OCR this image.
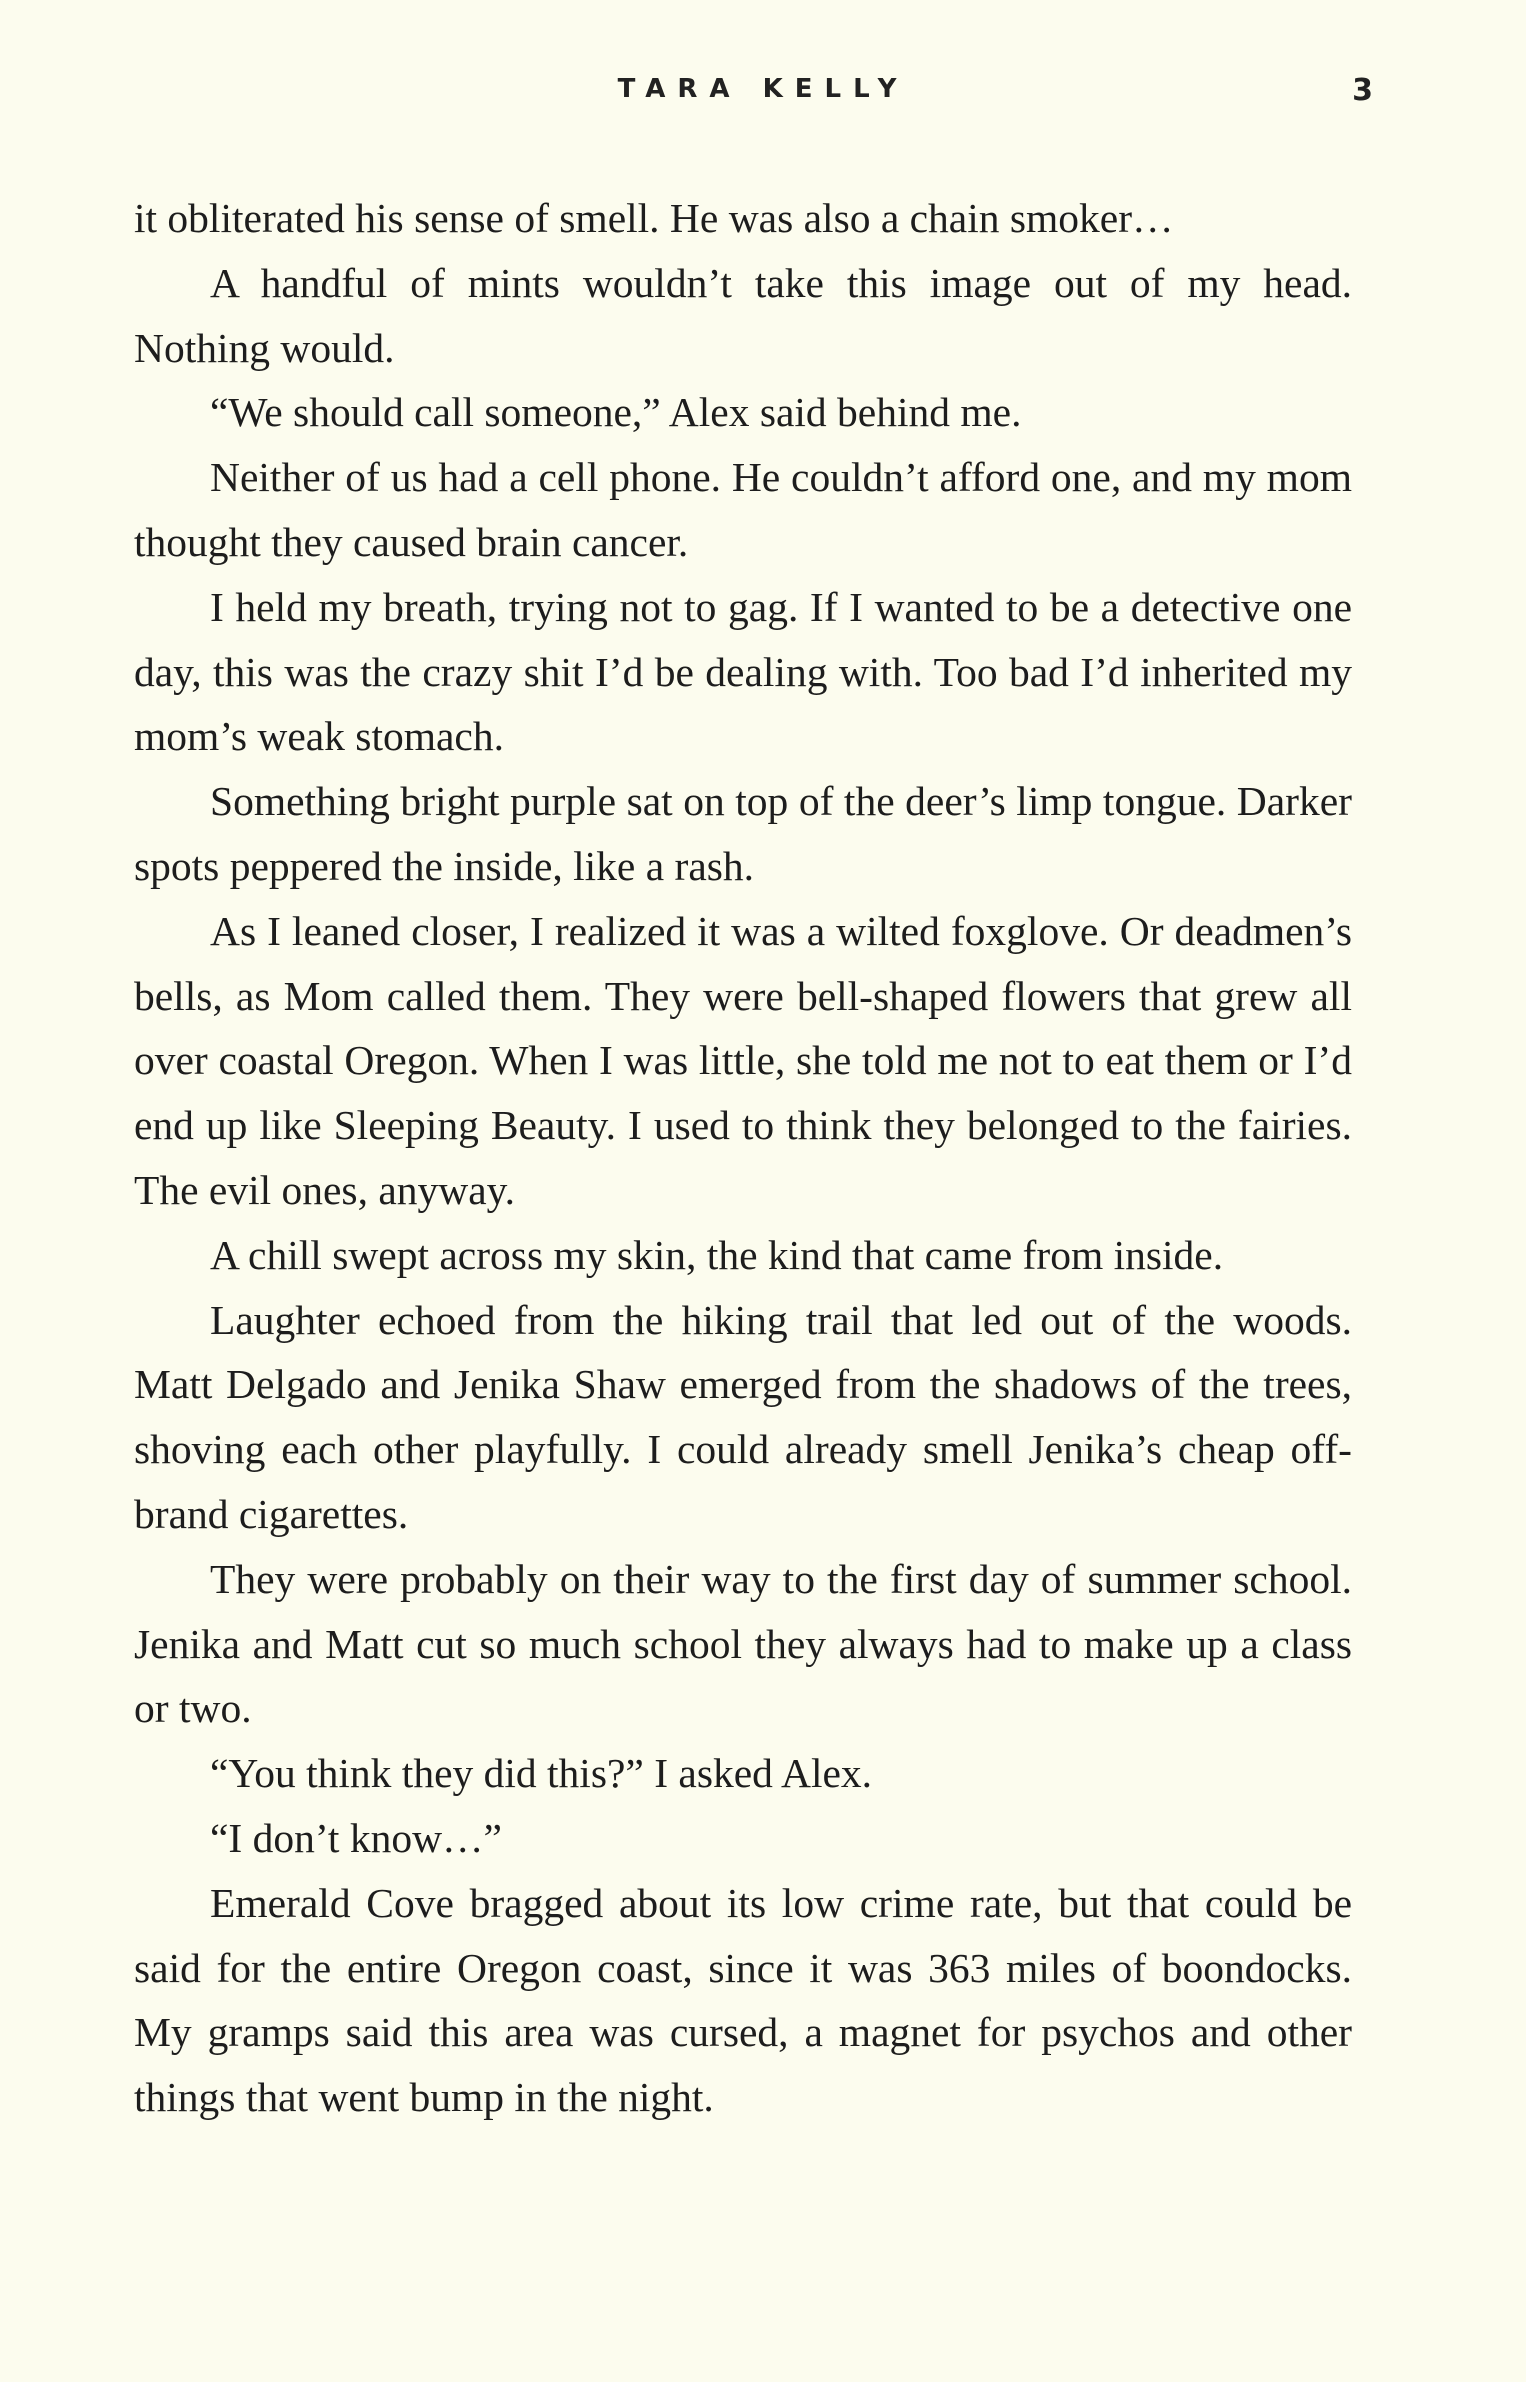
TARA KELLY	3

it obliterated his sense of smell. He was also a chain smoker…

A handful of mints wouldn’t take this image out of my head. Nothing would.

“We should call someone,” Alex said behind me.

Neither of us had a cell phone. He couldn’t afford one, and my mom thought they caused brain cancer.

I held my breath, trying not to gag. If I wanted to be a detective one day, this was the crazy shit I’d be dealing with. Too bad I’d inherited my mom’s weak stomach.

Something bright purple sat on top of the deer’s limp tongue. Darker spots peppered the inside, like a rash.

As I leaned closer, I realized it was a wilted foxglove. Or deadmen’s bells, as Mom called them. They were bell-shaped flowers that grew all over coastal Oregon. When I was little, she told me not to eat them or I’d end up like Sleeping Beauty. I used to think they belonged to the fairies. The evil ones, anyway.

A chill swept across my skin, the kind that came from inside.

Laughter echoed from the hiking trail that led out of the woods. Matt Delgado and Jenika Shaw emerged from the shadows of the trees, shoving each other playfully. I could already smell Jenika’s cheap off-brand cigarettes.

They were probably on their way to the first day of summer school. Jenika and Matt cut so much school they always had to make up a class or two.

“You think they did this?” I asked Alex.

“I don’t know…”

Emerald Cove bragged about its low crime rate, but that could be said for the entire Oregon coast, since it was 363 miles of boondocks. My gramps said this area was cursed, a magnet for psychos and other things that went bump in the night.
